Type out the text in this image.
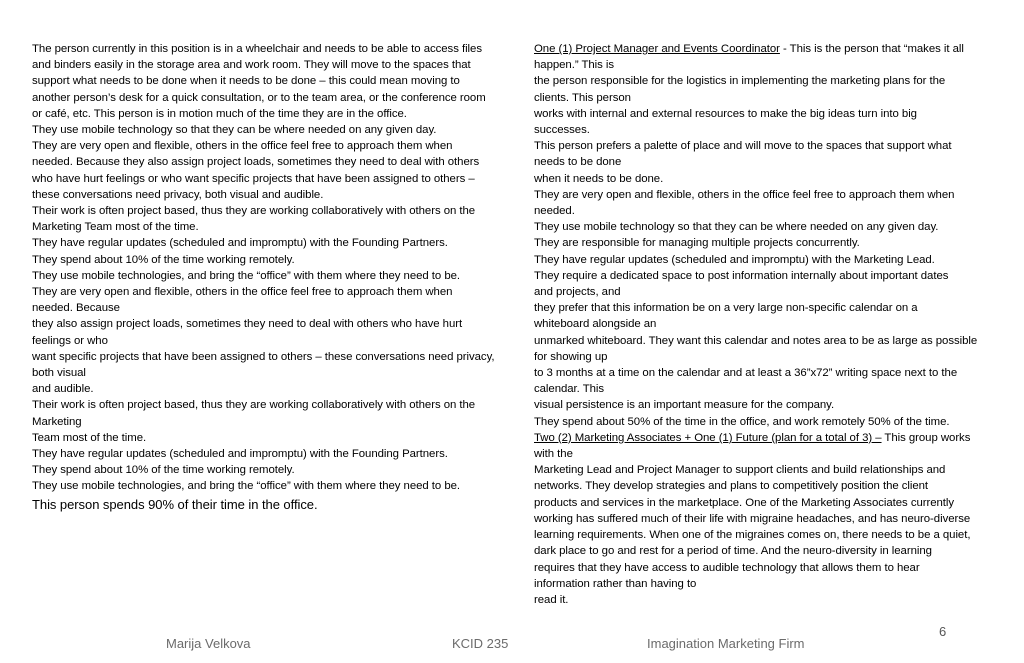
The person currently in this position is in a wheelchair and needs to be able to access files
and binders easily in the storage area and work room. They will move to the spaces that
support what needs to be done when it needs to be done – this could mean moving to
another person’s desk for a quick consultation, or to the team area, or the conference room
or café, etc. This person is in motion much of the time they are in the office.
They use mobile technology so that they can be where needed on any given day.
They are very open and flexible, others in the office feel free to approach them when
needed. Because they also assign project loads, sometimes they need to deal with others
who have hurt feelings or who want specific projects that have been assigned to others –
these conversations need privacy, both visual and audible.
Their work is often project based, thus they are working collaboratively with others on the
Marketing Team most of the time.
They have regular updates (scheduled and impromptu) with the Founding Partners.
They spend about 10% of the time working remotely.
They use mobile technologies, and bring the “office” with them where they need to be.
They are very open and flexible, others in the office feel free to approach them when
needed. Because
they also assign project loads, sometimes they need to deal with others who have hurt
feelings or who
want specific projects that have been assigned to others – these conversations need privacy,
both visual
and audible.
Their work is often project based, thus they are working collaboratively with others on the
Marketing
Team most of the time.
They have regular updates (scheduled and impromptu) with the Founding Partners.
They spend about 10% of the time working remotely.
They use mobile technologies, and bring the “office” with them where they need to be.
This person spends 90% of their time in the office.
One (1) Project Manager and Events Coordinator - This is the person that “makes it all
happen.” This is
the person responsible for the logistics in implementing the marketing plans for the
clients. This person
works with internal and external resources to make the big ideas turn into big
successes.
This person prefers a palette of place and will move to the spaces that support what
needs to be done
when it needs to be done.
They are very open and flexible, others in the office feel free to approach them when
needed.
They use mobile technology so that they can be where needed on any given day.
They are responsible for managing multiple projects concurrently.
They have regular updates (scheduled and impromptu) with the Marketing Lead.
They require a dedicated space to post information internally about important dates
and projects, and
they prefer that this information be on a very large non-specific calendar on a
whiteboard alongside an
unmarked whiteboard. They want this calendar and notes area to be as large as possible
for showing up
to 3 months at a time on the calendar and at least a 36”x72” writing space next to the
calendar. This
visual persistence is an important measure for the company.
They spend about 50% of the time in the office, and work remotely 50% of the time.
Two (2) Marketing Associates + One (1) Future (plan for a total of 3) – This group works
with the
Marketing Lead and Project Manager to support clients and build relationships and
networks. They develop strategies and plans to competitively position the client
products and services in the marketplace. One of the Marketing Associates currently
working has suffered much of their life with migraine headaches, and has neuro-diverse
learning requirements. When one of the migraines comes on, there needs to be a quiet,
dark place to go and rest for a period of time. And the neuro-diversity in learning
requires that they have access to audible technology that allows them to hear
information rather than having to
read it.
Marija Velkova	KCID 235	Imagination Marketing Firm
6
